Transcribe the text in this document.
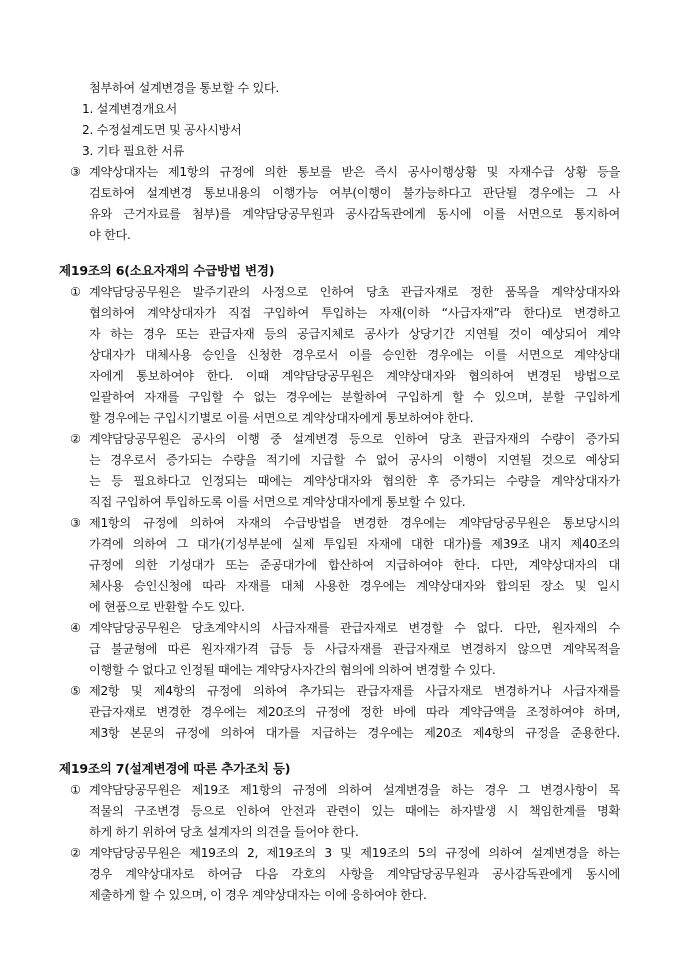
첨부하여 설계변경을 통보할 수 있다.
1. 설계변경개요서
2. 수정설계도면 및 공사시방서
3. 기타 필요한 서류
③ 계약상대자는 제1항의 규정에 의한 통보를 받은 즉시 공사이행상황 및 자재수급 상황 등을
검토하여 설계변경 통보내용의 이행가능 여부(이행이 불가능하다고 판단될 경우에는 그 사
유와 근거자료를 첨부)를 계약담당공무원과 공사감독관에게 동시에 이를 서면으로 통지하여
야 한다.
제19조의 6(소요자재의 수급방법 변경)
① 계약담당공무원은 발주기관의 사정으로 인하여 당초 관급자재로 정한 품목을 계약상대자와
협의하여 계약상대자가 직접 구입하여 투입하는 자재(이하 “사급자재”라 한다)로 변경하고
자 하는 경우 또는 관급자재 등의 공급지체로 공사가 상당기간 지연될 것이 예상되어 계약
상대자가 대체사용 승인을 신청한 경우로서 이를 승인한 경우에는 이를 서면으로 계약상대
자에게 통보하여야 한다. 이때 계약담당공무원은 계약상대자와 협의하여 변경된 방법으로
일괄하여 자재를 구입할 수 없는 경우에는 분할하여 구입하게 할 수 있으며, 분할 구입하게
할 경우에는 구입시기별로 이를 서면으로 계약상대자에게 통보하여야 한다.
② 계약담당공무원은 공사의 이행 중 설계변경 등으로 인하여 당초 관급자재의 수량이 증가되
는 경우로서 증가되는 수량을 적기에 지급할 수 없어 공사의 이행이 지연될 것으로 예상되
는 등 필요하다고 인정되는 때에는 계약상대자와 협의한 후 증가되는 수량을 계약상대자가
직접 구입하여 투입하도록 이를 서면으로 계약상대자에게 통보할 수 있다.
③ 제1항의 규정에 의하여 자재의 수급방법을 변경한 경우에는 계약담당공무원은 통보당시의
가격에 의하여 그 대가(기성부분에 실제 투입된 자재에 대한 대가)를 제39조 내지 제40조의
규정에 의한 기성대가 또는 준공대가에 합산하여 지급하여야 한다. 다만, 계약상대자의 대
체사용 승인신청에 따라 자재를 대체 사용한 경우에는 계약상대자와 합의된 장소 및 일시
에 현품으로 반환할 수도 있다.
④ 계약담당공무원은 당초계약시의 사급자재를 관급자재로 변경할 수 없다. 다만, 원자재의 수
급 불균형에 따른 원자재가격 급등 등 사급자재를 관급자재로 변경하지 않으면 계약목적을
이행할 수 없다고 인정될 때에는 계약당사자간의 협의에 의하여 변경할 수 있다.
⑤ 제2항 및 제4항의 규정에 의하여 추가되는 관급자재를 사급자재로 변경하거나 사급자재를
관급자재로 변경한 경우에는 제20조의 규정에 정한 바에 따라 계약금액을 조정하여야 하며,
제3항 본문의 규정에 의하여 대가를 지급하는 경우에는 제20조 제4항의 규정을 준용한다.
제19조의 7(설계변경에 따른 추가조치 등)
① 계약담당공무원은 제19조 제1항의 규정에 의하여 설계변경을 하는 경우 그 변경사항이 목
적물의 구조변경 등으로 인하여 안전과 관련이 있는 때에는 하자발생 시 책임한계를 명확
하게 하기 위하여 당초 설계자의 의견을 들어야 한다.
② 계약담당공무원은 제19조의 2, 제19조의 3 및 제19조의 5의 규정에 의하여 설계변경을 하는
경우 계약상대자로 하여금 다음 각호의 사항을 계약담당공무원과 공사감독관에게 동시에
제출하게 할 수 있으며, 이 경우 계약상대자는 이에 응하여야 한다.
